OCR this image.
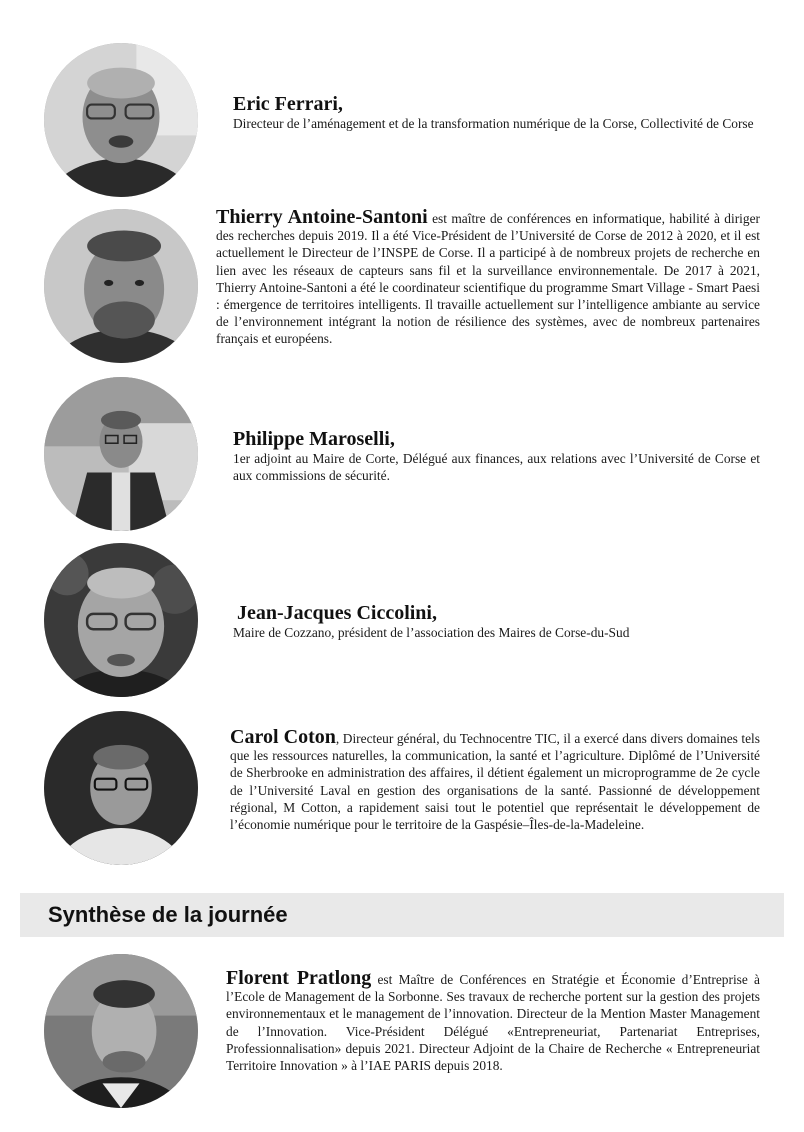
Eric Ferrari,
Directeur de l’aménagement et de la transformation numérique de la Corse, Collectivité de Corse
Thierry Antoine-Santoni est maître de conférences en informatique, habilité à diriger des recherches depuis 2019. Il a été Vice-Président de l’Université de Corse de 2012 à 2020, et il est actuellement le Directeur de l’INSPE de Corse. Il a participé à de nombreux projets de recherche en lien avec les réseaux de capteurs sans fil et la surveillance environnementale. De 2017 à 2021, Thierry Antoine-Santoni a été le coordinateur scientifique du programme Smart Village - Smart Paesi : émergence de territoires intelligents. Il travaille actuellement sur l’intelligence ambiante au service de l’environnement intégrant la notion de résilience des systèmes, avec de nombreux partenaires français et européens.
Philippe Maroselli,
1er adjoint au Maire de Corte, Délégué aux finances, aux relations avec l’Université de Corse et aux commissions de sécurité.
Jean-Jacques Ciccolini,
Maire de Cozzano, président de l’association des Maires de Corse-du-Sud
Carol Coton, Directeur général, du Technocentre TIC, il a exercé dans divers domaines tels que les ressources naturelles, la communication, la santé et l’agriculture. Diplômé de l’Université de Sherbrooke en administration des affaires, il détient également un microprogramme de 2e cycle de l’Université Laval en gestion des organisations de la santé. Passionné de développement régional, M Cotton, a rapidement saisi tout le potentiel que représentait le développement de l’économie numérique pour le territoire de la Gaspésie–Îles-de-la-Madeleine.
Synthèse de la journée
Florent Pratlong est Maître de Conférences en Stratégie et Économie d’Entreprise à l’Ecole de Management de la Sorbonne. Ses travaux de recherche portent sur la gestion des projets environnementaux et le management de l’innovation. Directeur de la Mention Master Management de l’Innovation. Vice-Président Délégué «Entrepreneuriat, Partenariat Entreprises, Professionnalisation» depuis 2021. Directeur Adjoint de la Chaire de Recherche « Entrepreneuriat Territoire Innovation » à l’IAE PARIS depuis 2018.
